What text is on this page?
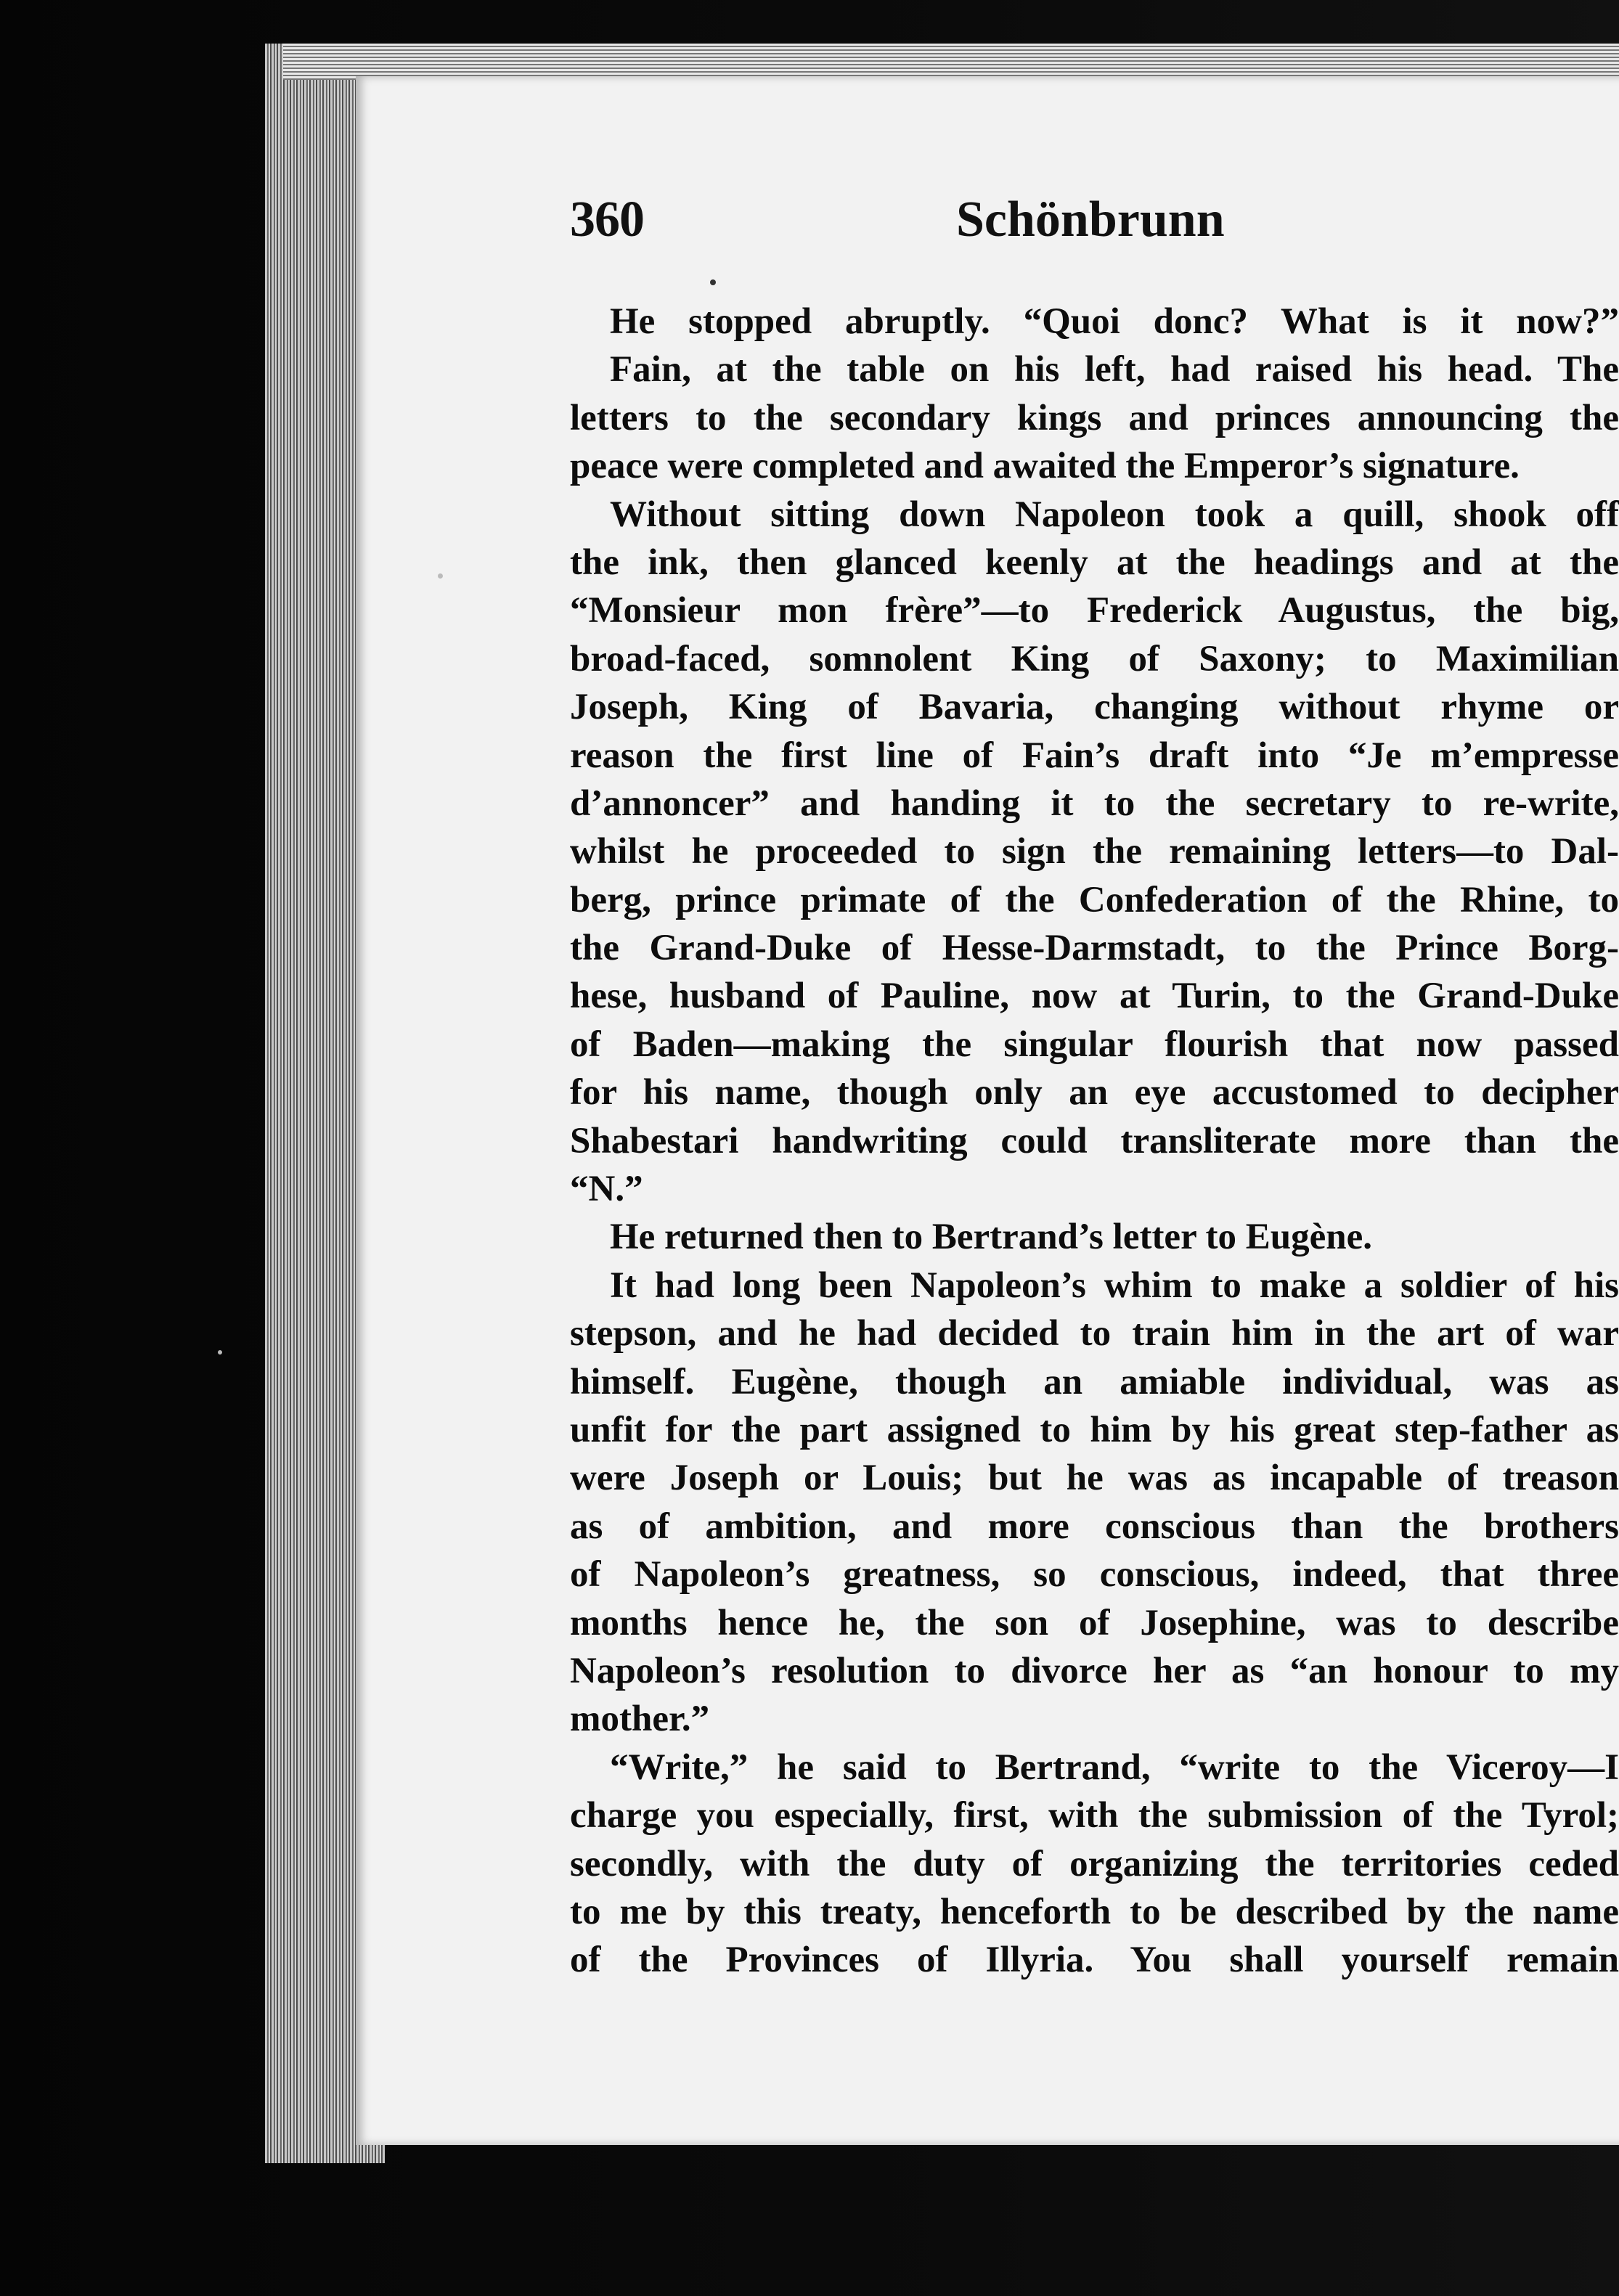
360	Schönbrunn
He stopped abruptly. “Quoi donc? What is it now?”
Fain, at the table on his left, had raised his head. The
letters to the secondary kings and princes announcing the
peace were completed and awaited the Emperor’s signature.
Without sitting down Napoleon took a quill, shook off
the ink, then glanced keenly at the headings and at the
“Monsieur mon frère”—to Frederick Augustus, the big,
broad-faced, somnolent King of Saxony; to Maximilian
Joseph, King of Bavaria, changing without rhyme or
reason the first line of Fain’s draft into “Je m’empresse
d’annoncer” and handing it to the secretary to re-write,
whilst he proceeded to sign the remaining letters—to Dal-
berg, prince primate of the Confederation of the Rhine, to
the Grand-Duke of Hesse-Darmstadt, to the Prince Borg-
hese, husband of Pauline, now at Turin, to the Grand-Duke
of Baden—making the singular flourish that now passed
for his name, though only an eye accustomed to decipher
Shabestari handwriting could transliterate more than the
“N.”
He returned then to Bertrand’s letter to Eugène.
It had long been Napoleon’s whim to make a soldier of his
stepson, and he had decided to train him in the art of war
himself. Eugène, though an amiable individual, was as
unfit for the part assigned to him by his great step-father as
were Joseph or Louis; but he was as incapable of treason
as of ambition, and more conscious than the brothers
of Napoleon’s greatness, so conscious, indeed, that three
months hence he, the son of Josephine, was to describe
Napoleon’s resolution to divorce her as “an honour to my
mother.”
“Write,” he said to Bertrand, “write to the Viceroy—I
charge you especially, first, with the submission of the Tyrol;
secondly, with the duty of organizing the territories ceded
to me by this treaty, henceforth to be described by the name
of the Provinces of Illyria. You shall yourself remain
